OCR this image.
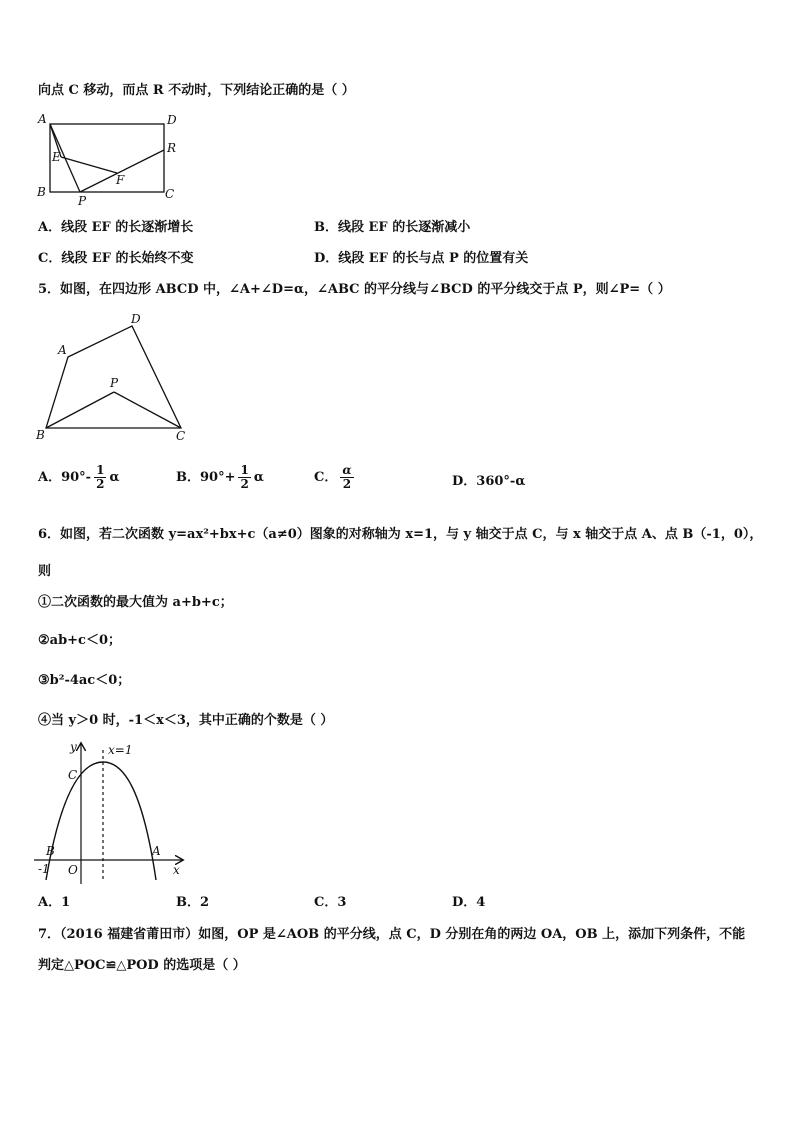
向点 C 移动，而点 R 不动时，下列结论正确的是（ ）
A	D
E
R
F
B
P	C
A．线段 EF 的长逐渐增长	B．线段 EF 的长逐渐减小
C．线段 EF 的长始终不变	D．线段 EF 的长与点 P 的位置有关
5．如图，在四边形 ABCD 中，∠A+∠D=α，∠ABC 的平分线与∠BCD 的平分线交于点 P，则∠P=（ ）
A
D
P
B	C
A．$90^\circ- \frac{1}{2}$ α	B．$90^\circ+ \frac{1}{2}$ α	C． $\frac{\alpha}{2}$	D．360°-α
6．如图，若二次函数 y=ax²+bx+c（a≠0）图象的对称轴为 x=1，与 y 轴交于点 C，与 x 轴交于点 A、点 B（-1，0），
则
①二次函数的最大值为 a+b+c；
②ab+c＜0；
③b²-4ac＜0；
④当 y＞0 时，-1＜x＜3，其中正确的个数是（ ）
y	x=1
C
B	A
-1 O	x
A．1	B．2	C．3	D．4
7．（2016 福建省莆田市）如图，OP 是∠AOB 的平分线，点 C，D 分别在角的两边 OA，OB 上，添加下列条件，不能
判定△POC≌△POD 的选项是（ ）
